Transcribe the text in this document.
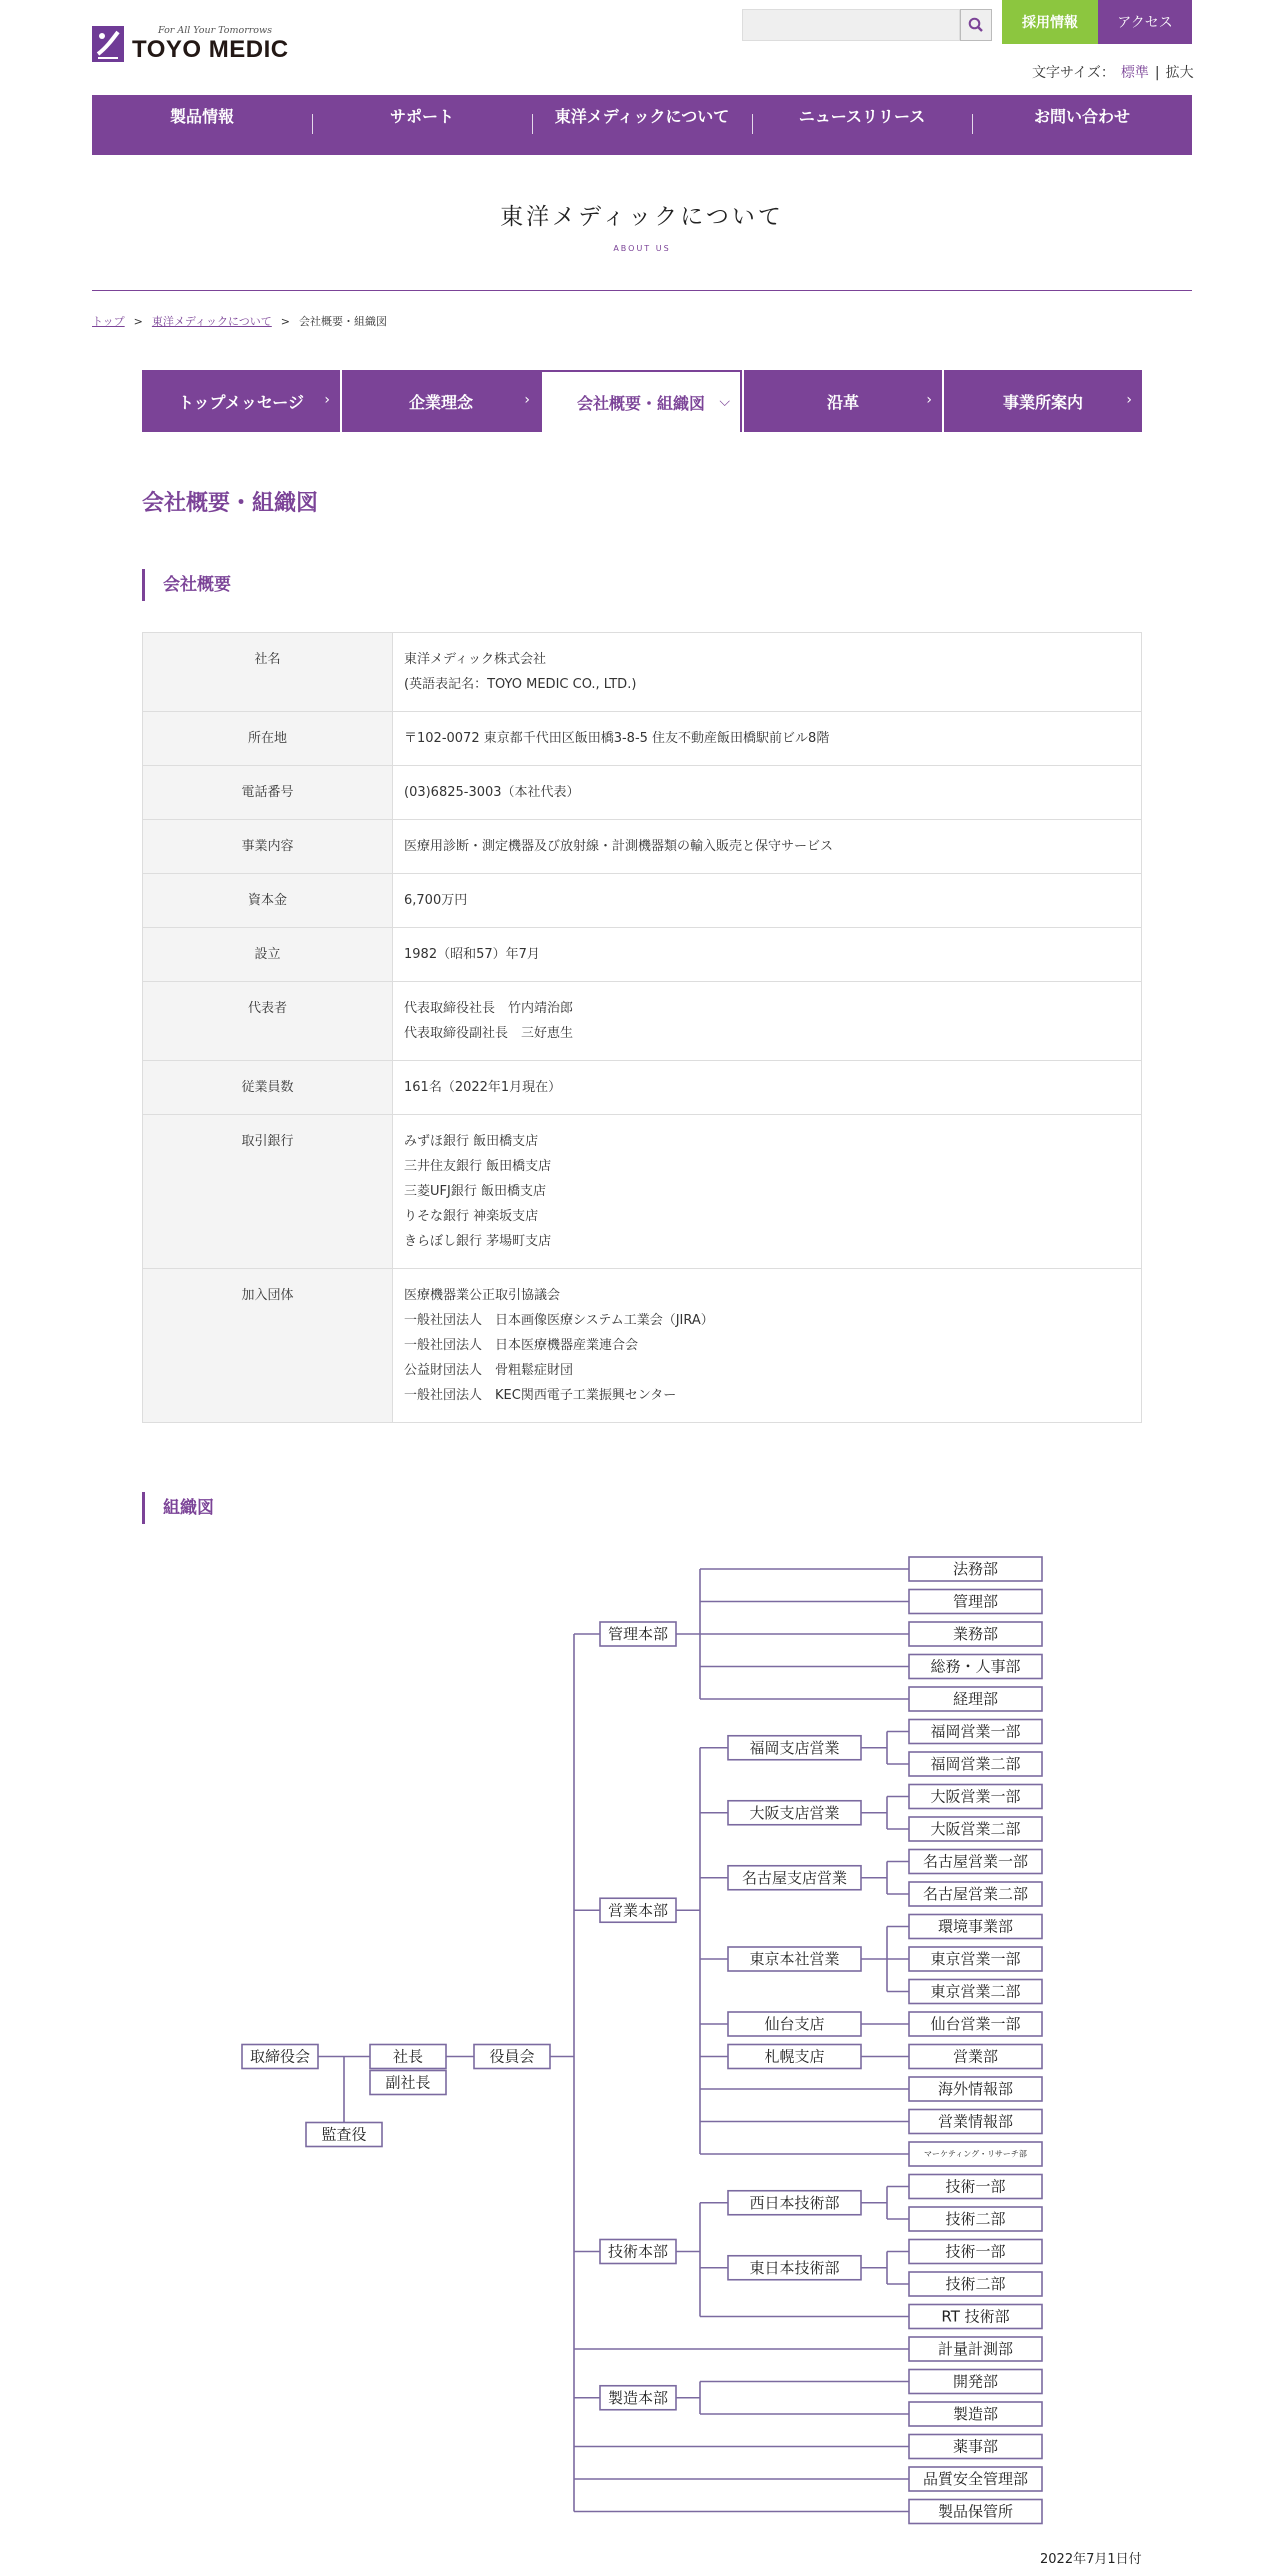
For All Your Tomorrows
TOYO MEDIC
採用情報	アクセス
文字サイズ： 標準 | 拡大
製品情報	サポート	東洋メディックについて	ニュースリリース	お問い合わせ
東洋メディックについて
ABOUT US
トップ > 東洋メディックについて > 会社概要・組織図
トップメッセージ ›	企業理念	›	会社概要・組織図 ⌵	沿革	›	事業所案内	›
会社概要・組織図
会社概要
社名	東洋メディック株式会社
(英語表記名：TOYO MEDIC CO., LTD.)

所在地	〒102-0072 東京都千代田区飯田橋3-8-5 住友不動産飯田橋駅前ビル8階

電話番号	(03)6825-3003（本社代表）

事業内容	医療用診断・測定機器及び放射線・計測機器類の輸入販売と保守サービス

資本金	6,700万円

設立	1982（昭和57）年7月

代表者	代表取締役社長　竹内靖治郎
代表取締役副社長　三好恵生

従業員数	161名（2022年1月現在）

取引銀行	みずほ銀行 飯田橋支店
三井住友銀行 飯田橋支店
三菱UFJ銀行 飯田橋支店
りそな銀行 神楽坂支店
きらぼし銀行 茅場町支店

加入団体	医療機器業公正取引協議会
一般社団法人　日本画像医療システム工業会（JIRA）
一般社団法人　日本医療機器産業連合会
公益財団法人　骨粗鬆症財団
一般社団法人　KEC関西電子工業振興センター
組織図
法務部
管理部
業務部
総務・人事部
経理部
管理本部
福岡営業一部
福岡営業二部
福岡支店営業
大阪営業一部
大阪営業二部
大阪支店営業
名古屋営業一部
名古屋営業二部
名古屋支店営業
環境事業部
東京営業一部
東京営業二部
東京本社営業
仙台営業一部
仙台支店
営業部
札幌支店
海外情報部
営業情報部
マーケティング・リサーチ部
営業本部
技術一部
技術二部
西日本技術部
技術一部
技術二部
東日本技術部
RT 技術部
技術本部
計量計測部
開発部
製造部
製造本部
薬事部
品質安全管理部
製品保管所
取締役会	社長
副社長
役員会
監査役
2022年7月1日付
